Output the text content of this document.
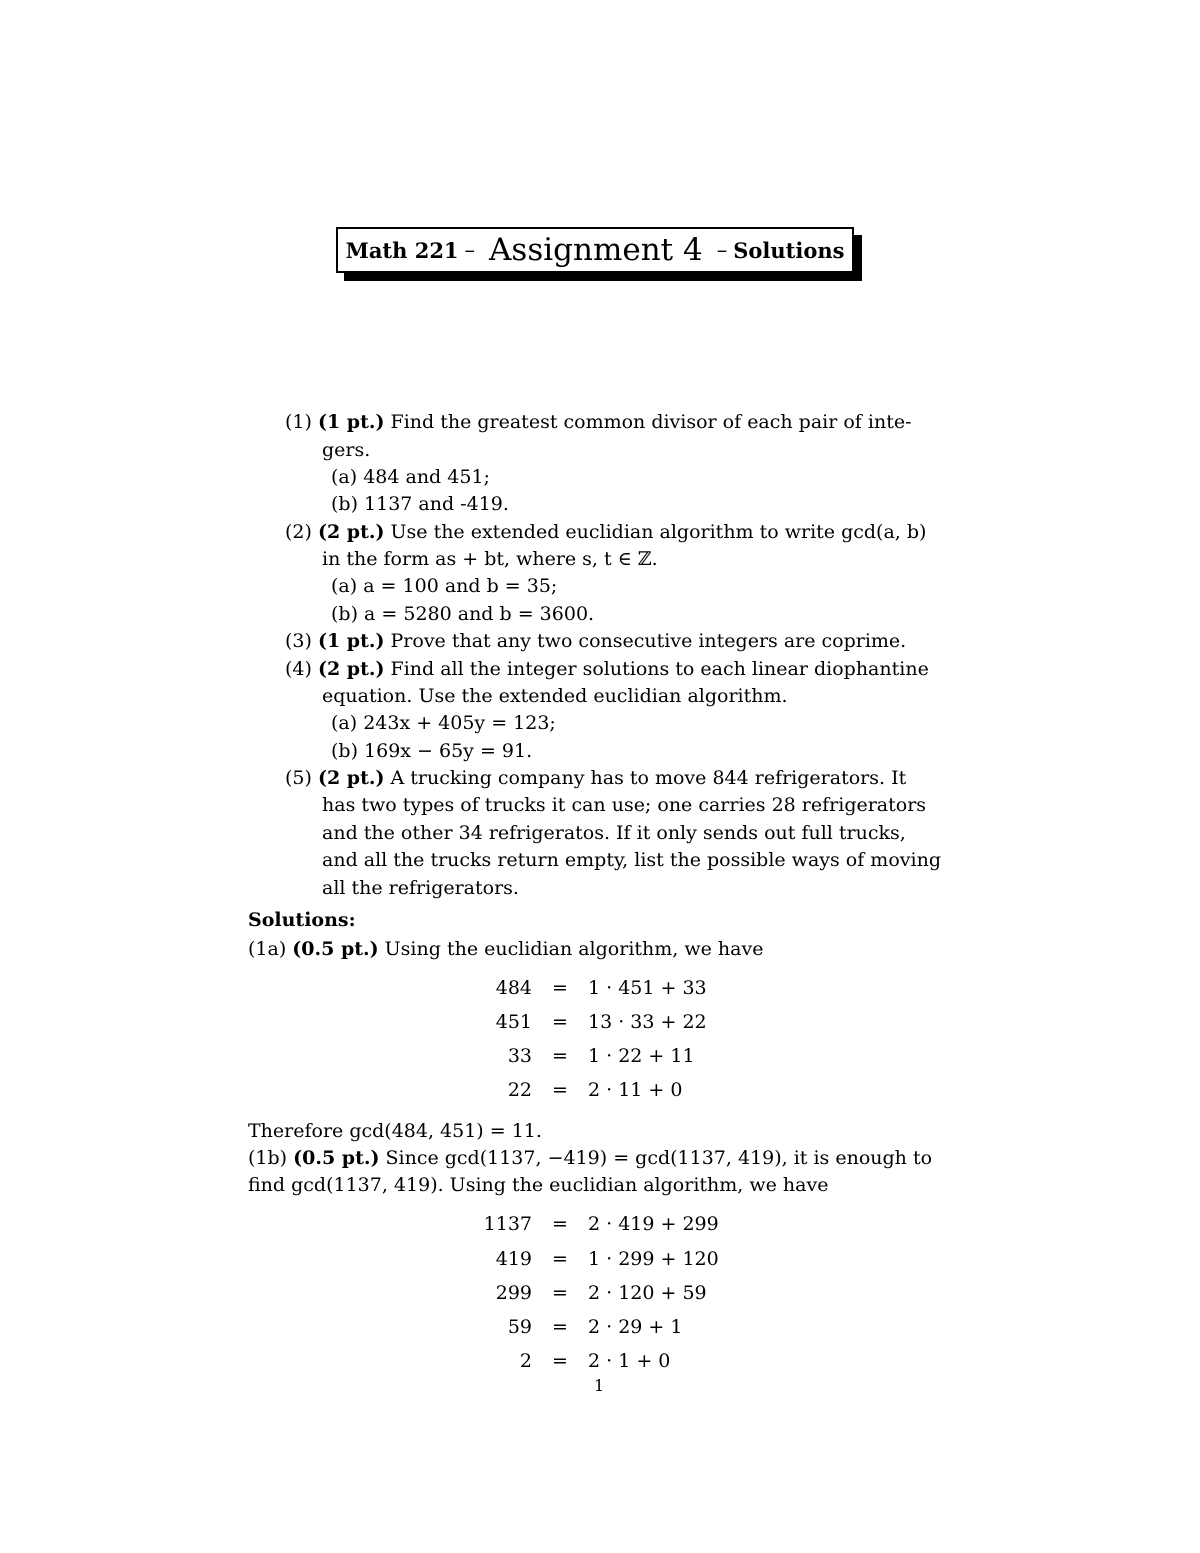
Math 221 – Assignment 4 – Solutions
(1) (1 pt.) Find the greatest common divisor of each pair of inte-
gers.
(a) 484 and 451;
(b) 1137 and -419.
(2) (2 pt.) Use the extended euclidian algorithm to write gcd(a, b)
in the form as + bt, where s, t ∈ ℤ.
(a) a = 100 and b = 35;
(b) a = 5280 and b = 3600.
(3) (1 pt.) Prove that any two consecutive integers are coprime.
(4) (2 pt.) Find all the integer solutions to each linear diophantine
equation. Use the extended euclidian algorithm.
(a) 243x + 405y = 123;
(b) 169x − 65y = 91.
(5) (2 pt.) A trucking company has to move 844 refrigerators. It
has two types of trucks it can use; one carries 28 refrigerators
and the other 34 refrigeratos. If it only sends out full trucks,
and all the trucks return empty, list the possible ways of moving
all the refrigerators.
Solutions:
(1a) (0.5 pt.) Using the euclidian algorithm, we have
484 = 1 · 451 + 33
451 = 13 · 33 + 22
33 = 1 · 22 + 11
22 = 2 · 11 + 0
Therefore gcd(484, 451) = 11.
(1b) (0.5 pt.) Since gcd(1137, −419) = gcd(1137, 419), it is enough to
find gcd(1137, 419). Using the euclidian algorithm, we have
1137 = 2 · 419 + 299
419 = 1 · 299 + 120
299 = 2 · 120 + 59
59 = 2 · 29 + 1
2 = 2 · 1 + 0
1
